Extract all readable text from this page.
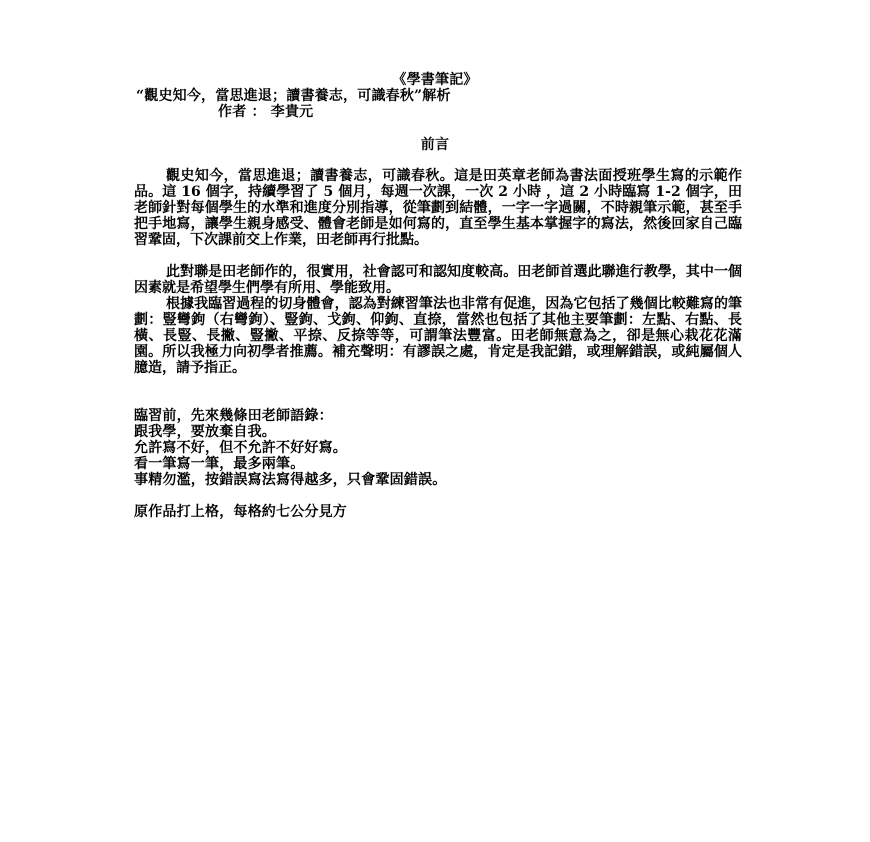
《學書筆記》
“觀史知今，當思進退；讀書養志，可識春秋”解析
作者 ： 李貴元
前言

觀史知今，當思進退；讀書養志，可識春秋。這是田英章老師為書法面授班學生寫的示範作品。這 16 個字，持續學習了 5 個月，每週一次課，一次 2 小時 ，這 2 小時臨寫 1-2 個字，田老師針對每個學生的水準和進度分別指導，從筆劃到結體，一字一字過關，不時親筆示範，甚至手把手地寫，讓學生親身感受、體會老師是如何寫的，直至學生基本掌握字的寫法，然後回家自己臨習鞏固，下次課前交上作業，田老師再行批點。

此對聯是田老師作的，很實用，社會認可和認知度較高。田老師首選此聯進行教學，其中一個因素就是希望學生們學有所用、學能致用。

根據我臨習過程的切身體會，認為對練習筆法也非常有促進，因為它包括了幾個比較難寫的筆劃：豎彎鉤（右彎鉤）、豎鉤、戈鉤、仰鉤、直捺，當然也包括了其他主要筆劃：左點、右點、長橫、長豎、長撇、豎撇、平捺、反捺等等，可謂筆法豐富。田老師無意為之，卻是無心栽花花滿園。所以我極力向初學者推薦。補充聲明：有謬誤之處，肯定是我記錯，或理解錯誤，或純屬個人臆造，請予指正。

臨習前，先來幾條田老師語錄：
跟我學，要放棄自我。
允許寫不好，但不允許不好好寫。
看一筆寫一筆，最多兩筆。
事精勿濫，按錯誤寫法寫得越多，只會鞏固錯誤。
原作品打上格，每格約七公分見方
